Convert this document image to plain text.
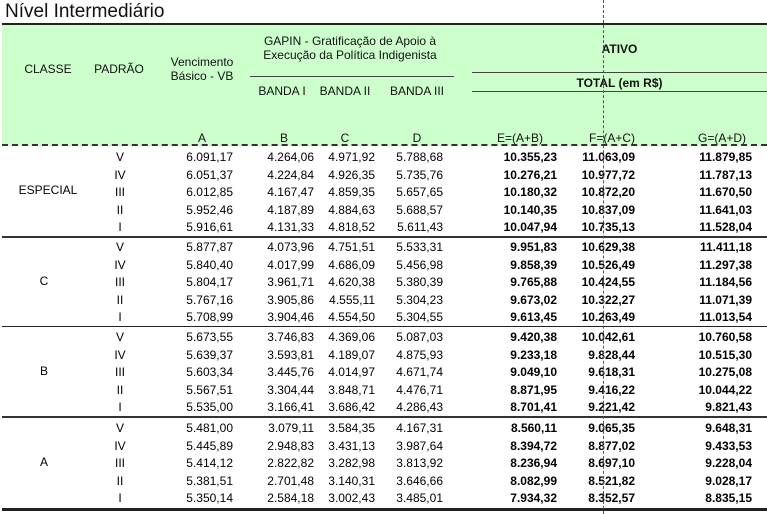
Nível Intermediário
CLASSE	PADRÃO	Vencimento
Básico - VB
GAPIN - Gratificação de Apoio à
Execução da Política Indigenista
BANDA I	BANDA II	BANDA III
ATIVO
TOTAL (em R$)
A	B	C	D	E=(A+B)	F=(A+C)	G=(A+D)
ESPECIAL
V	6.091,17	4.264,06 4.971,92 5.788,68	10.355,23 11.063,09	11.879,85
IV	6.051,37	4.224,84 4.926,35 5.735,76	10.276,21 10.977,72	11.787,13
III	6.012,85	4.167,47 4.859,35 5.657,65	10.180,32 10.872,20	11.670,50
II	5.952,46	4.187,89 4.884,63 5.688,57	10.140,35 10.837,09	11.641,03
I	5.916,61	4.131,33 4.818,52 5.611,43	10.047,94 10.735,13	11.528,04
C
V	5.877,87	4.073,96 4.751,51 5.533,31	9.951,83 10.629,38	11.411,18
IV	5.840,40	4.017,99 4.686,09 5.456,98	9.858,39 10.526,49	11.297,38
III	5.804,17	3.961,71 4.620,38 5.380,39	9.765,88 10.424,55	11.184,56
II	5.767,16	3.905,86 4.555,11 5.304,23	9.673,02 10.322,27	11.071,39
I	5.708,99	3.904,46 4.554,50 5.304,55	9.613,45 10.263,49	11.013,54
B
V	5.673,55	3.746,83 4.369,06 5.087,03	9.420,38 10.042,61	10.760,58
IV	5.639,37	3.593,81 4.189,07 4.875,93	9.233,18	9.828,44	10.515,30
III	5.603,34	3.445,76 4.014,97 4.671,74	9.049,10	9.618,31	10.275,08
II	5.567,51	3.304,44 3.848,71 4.476,71	8.871,95	9.416,22	10.044,22
I	5.535,00	3.166,41 3.686,42 4.286,43	8.701,41	9.221,42	9.821,43
A
V	5.481,00	3.079,11 3.584,35 4.167,31	8.560,11	9.065,35	9.648,31
IV	5.445,89	2.948,83 3.431,13 3.987,64	8.394,72	8.877,02	9.433,53
III	5.414,12	2.822,82 3.282,98 3.813,92	8.236,94	8.697,10	9.228,04
II	5.381,51	2.701,48 3.140,31 3.646,66	8.082,99	8.521,82	9.028,17
I	5.350,14	2.584,18 3.002,43 3.485,01	7.934,32	8.352,57	8.835,15
